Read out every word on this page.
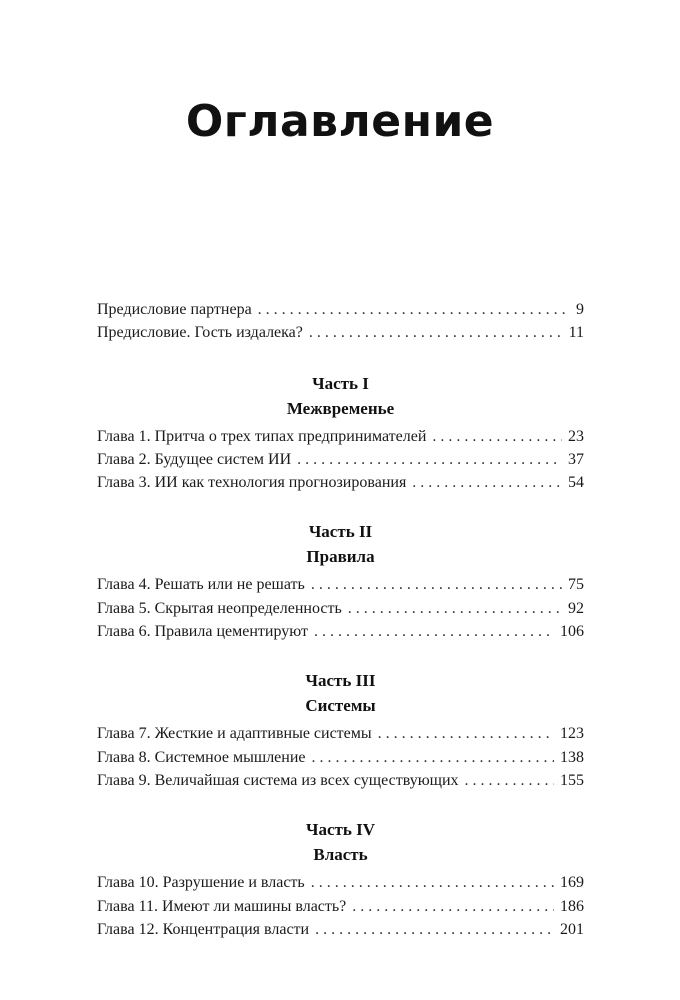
Оглавление
Предисловие партнера . . .	9
Предисловие. Гость издалека? . . .	11
Часть I
Межвременье
Глава 1. Притча о трех типах предпринимателей . . .	23
Глава 2. Будущее систем ИИ . . .	37
Глава 3. ИИ как технология прогнозирования . . .	54
Часть II
Правила
Глава 4. Решать или не решать . . .	75
Глава 5. Скрытая неопределенность . . .	92
Глава 6. Правила цементируют . . .	106
Часть III
Системы
Глава 7. Жесткие и адаптивные системы . . .	123
Глава 8. Системное мышление . . .	138
Глава 9. Величайшая система из всех существующих . . .	155
Часть IV
Власть
Глава 10. Разрушение и власть . . .	169
Глава 11. Имеют ли машины власть? . . .	186
Глава 12. Концентрация власти . . .	201
